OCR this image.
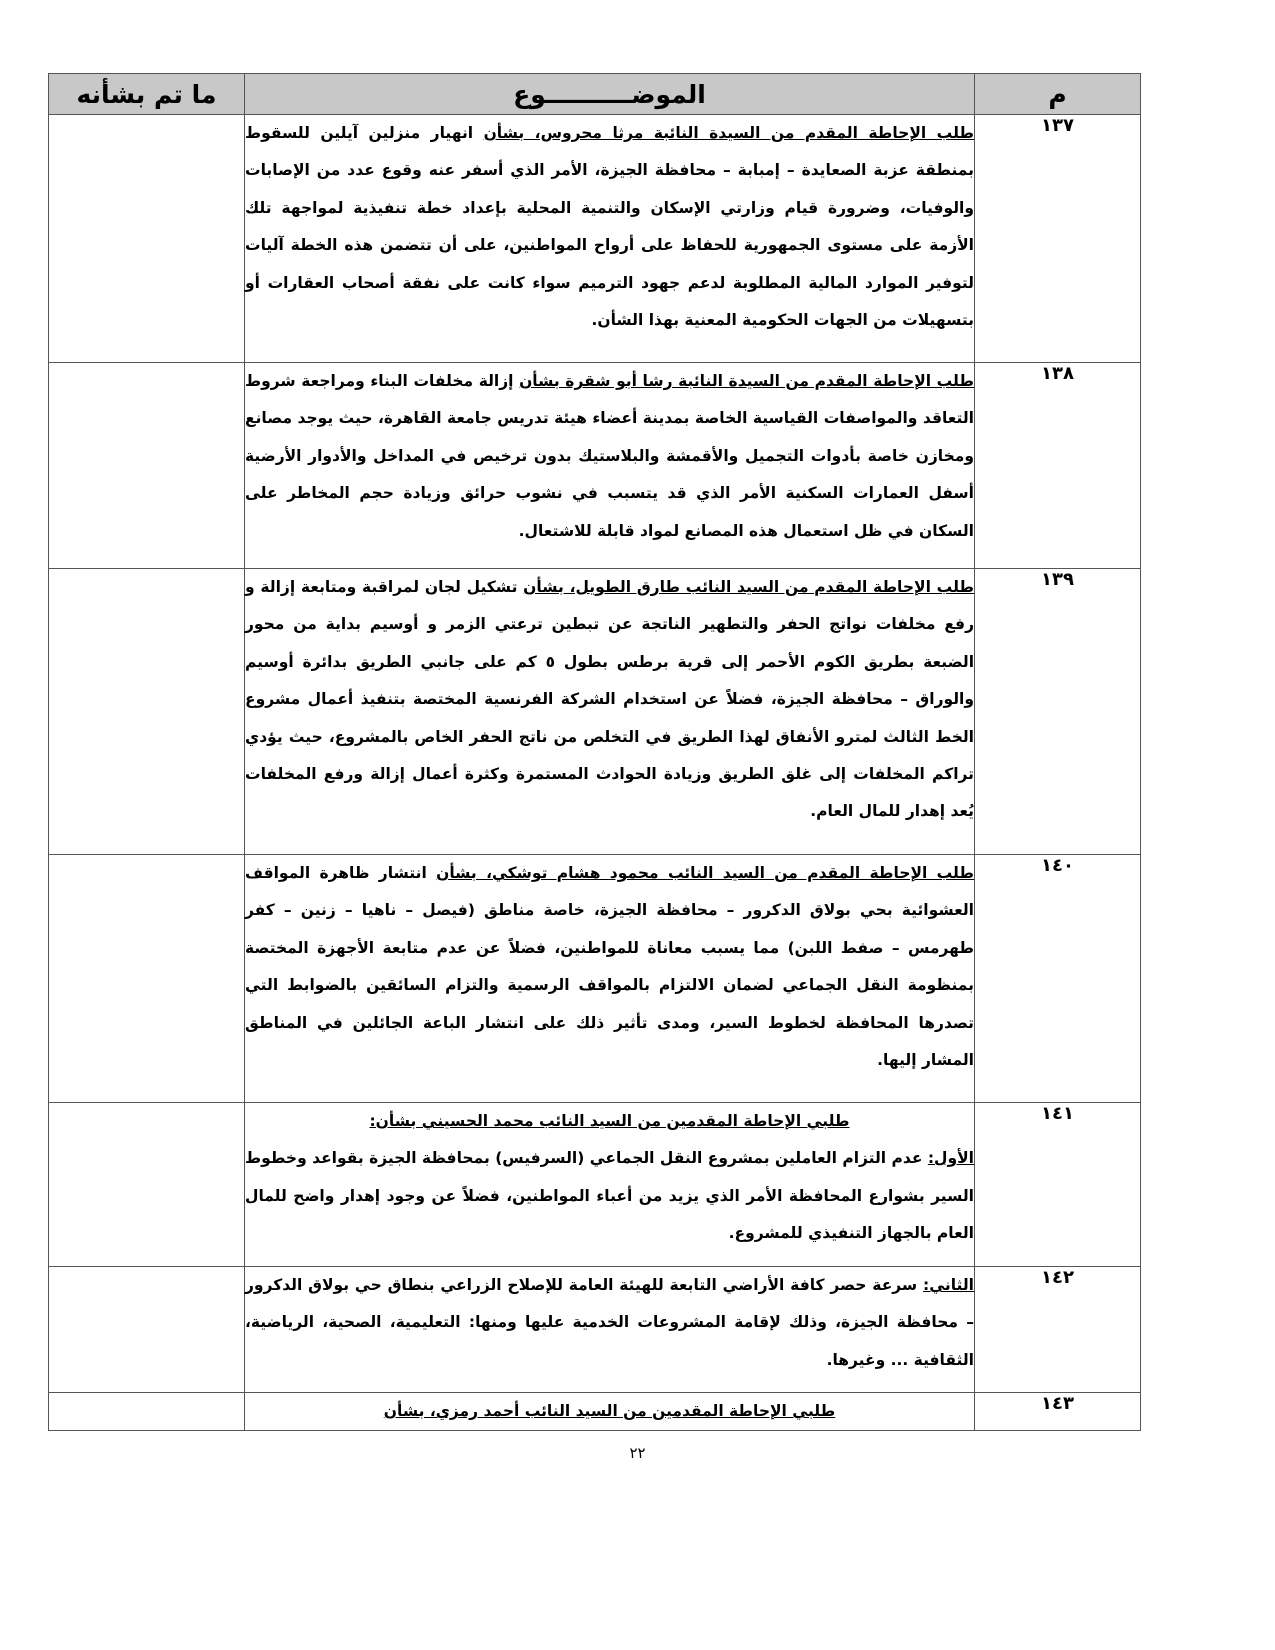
م	الموضــــــــــوع	ما تم بشأنه
١٣٧	طلب الإحاطة المقدم من السيدة النائبة مرثا محروس، بشأن انهيار منزلين آيلين للسقوط بمنطقة عزبة الصعايدة – إمبابة – محافظة الجيزة، الأمر الذي أسفر عنه وقوع عدد من الإصابات والوفيات، وضرورة قيام وزارتي الإسكان والتنمية المحلية بإعداد خطة تنفيذية لمواجهة تلك الأزمة على مستوى الجمهورية للحفاظ على أرواح المواطنين، على أن تتضمن هذه الخطة آليات لتوفير الموارد المالية المطلوبة لدعم جهود الترميم سواء كانت على نفقة أصحاب العقارات أو بتسهيلات من الجهات الحكومية المعنية بهذا الشأن.	
١٣٨	طلب الإحاطة المقدم من السيدة النائبة رشا أبو شقرة بشأن إزالة مخلفات البناء ومراجعة شروط التعاقد والمواصفات القياسية الخاصة بمدينة أعضاء هيئة تدريس جامعة القاهرة، حيث يوجد مصانع ومخازن خاصة بأدوات التجميل والأقمشة والبلاستيك بدون ترخيص في المداخل والأدوار الأرضية أسفل العمارات السكنية الأمر الذي قد يتسبب في نشوب حرائق وزيادة حجم المخاطر على السكان في ظل استعمال هذه المصانع لمواد قابلة للاشتعال.	
١٣٩	طلب الإحاطة المقدم من السيد النائب طارق الطويل، بشأن تشكيل لجان لمراقبة ومتابعة إزالة و رفع مخلفات نواتج الحفر والتطهير الناتجة عن تبطين ترعتي الزمر و أوسيم بداية من محور الضبعة بطريق الكوم الأحمر إلى قرية برطس بطول ٥ كم على جانبي الطريق بدائرة أوسيم والوراق – محافظة الجيزة، فضلاً عن استخدام الشركة الفرنسية المختصة بتنفيذ أعمال مشروع الخط الثالث لمترو الأنفاق لهذا الطريق في التخلص من ناتج الحفر الخاص بالمشروع، حيث يؤدي تراكم المخلفات إلى غلق الطريق وزيادة الحوادث المستمرة وكثرة أعمال إزالة ورفع المخلفات يُعد إهدار للمال العام.	
١٤٠	طلب الإحاطة المقدم من السيد النائب محمود هشام توشكي، بشأن انتشار ظاهرة المواقف العشوائية بحي بولاق الدكرور – محافظة الجيزة، خاصة مناطق (فيصل – ناهيا – زنين – كفر طهرمس – صفط اللبن) مما يسبب معاناة للمواطنين، فضلاً عن عدم متابعة الأجهزة المختصة بمنظومة النقل الجماعي لضمان الالتزام بالمواقف الرسمية والتزام السائقين بالضوابط التي تصدرها المحافظة لخطوط السير، ومدى تأثير ذلك على انتشار الباعة الجائلين في المناطق المشار إليها.	
١٤١	طلبي الإحاطة المقدمين من السيد النائب محمد الحسيني بشأن:
الأول: عدم التزام العاملين بمشروع النقل الجماعي (السرفيس) بمحافظة الجيزة بقواعد وخطوط السير بشوارع المحافظة الأمر الذي يزيد من أعباء المواطنين، فضلاً عن وجود إهدار واضح للمال العام بالجهاز التنفيذي للمشروع.	
١٤٢	الثاني: سرعة حصر كافة الأراضي التابعة للهيئة العامة للإصلاح الزراعي بنطاق حي بولاق الدكرور – محافظة الجيزة، وذلك لإقامة المشروعات الخدمية عليها ومنها: التعليمية، الصحية، الرياضية، الثقافية ... وغيرها.	
١٤٣	طلبي الإحاطة المقدمين من السيد النائب أحمد رمزي، بشأن	

٢٢
